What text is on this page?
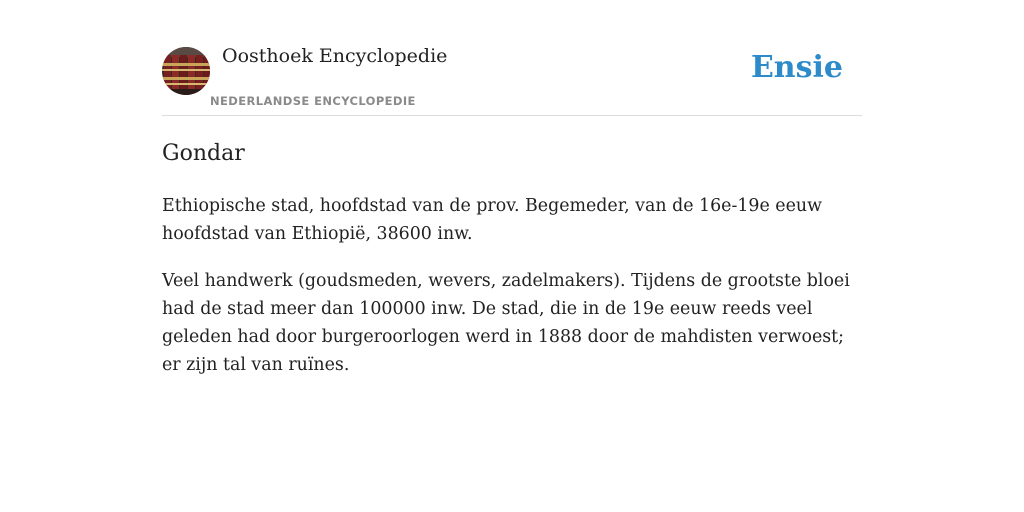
Oosthoek Encyclopedie
NEDERLANDSE ENCYCLOPEDIE
Ensie
Gondar

Ethiopische stad, hoofdstad van de prov. Begemeder, van de 16e-19e eeuw hoofdstad van Ethiopië, 38600 inw.

Veel handwerk (goudsmeden, wevers, zadelmakers). Tijdens de grootste bloei had de stad meer dan 100000 inw. De stad, die in de 19e eeuw reeds veel geleden had door burgeroorlogen werd in 1888 door de mahdisten verwoest; er zijn tal van ruïnes.
